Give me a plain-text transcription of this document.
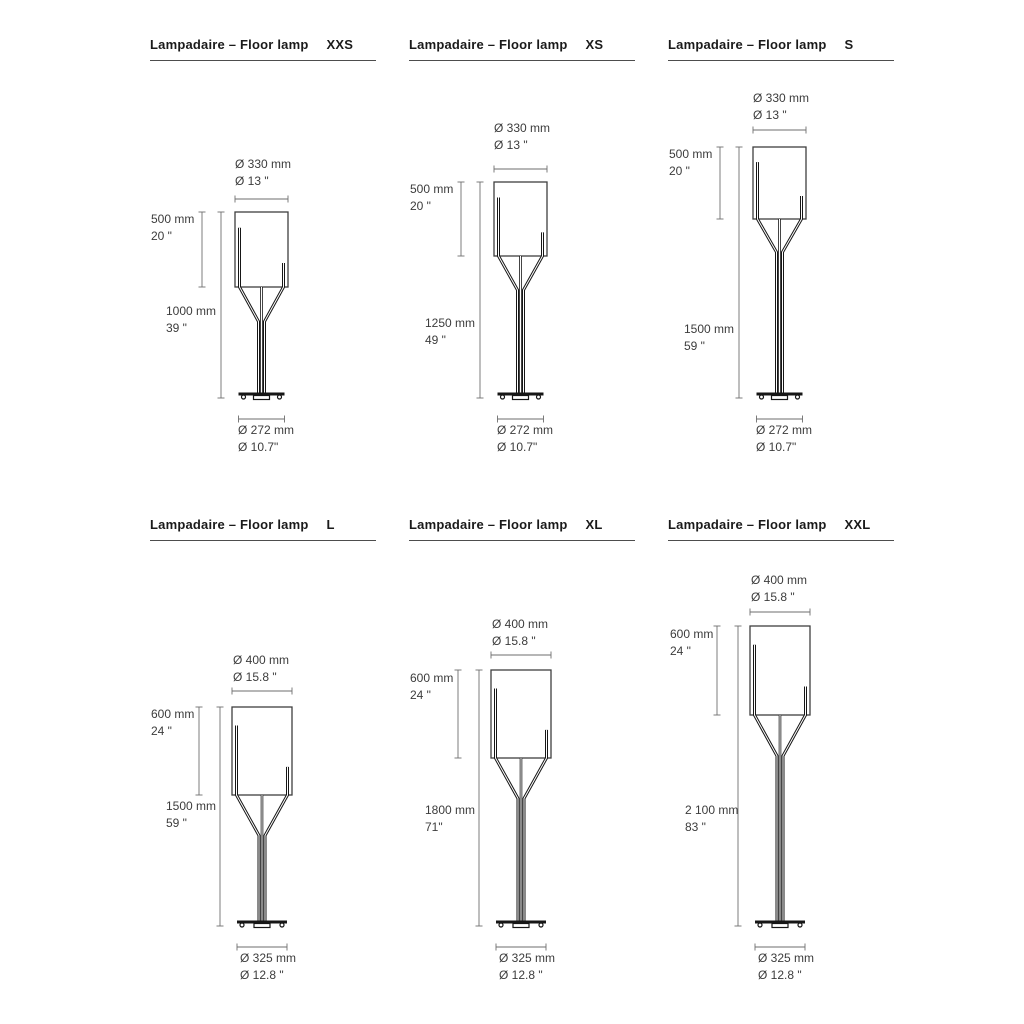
Lampadaire – Floor lamp XXS	Lampadaire – Floor lamp XS	Lampadaire – Floor lamp S
Lampadaire – Floor lamp L	Lampadaire – Floor lamp XL	Lampadaire – Floor lamp XXL
Ø 330 mm
Ø 13 "
500 mm
20 "
1000 mm
39 "
Ø 272 mm
Ø 10.7"
Ø 330 mm
Ø 13 "
500 mm
20 "
1250 mm
49 "
Ø 272 mm
Ø 10.7"
Ø 330 mm
Ø 13 "
500 mm
20 "
1500 mm
59 "
Ø 272 mm
Ø 10.7"
Ø 400 mm
Ø 15.8 "
600 mm
24 "
1500 mm
59 "
Ø 325 mm
Ø 12.8 "
Ø 400 mm
Ø 15.8 "
600 mm
24 "
1800 mm
71"
Ø 325 mm
Ø 12.8 "
Ø 400 mm
Ø 15.8 "
600 mm
24 "
2 100 mm
83 "
Ø 325 mm
Ø 12.8 "
